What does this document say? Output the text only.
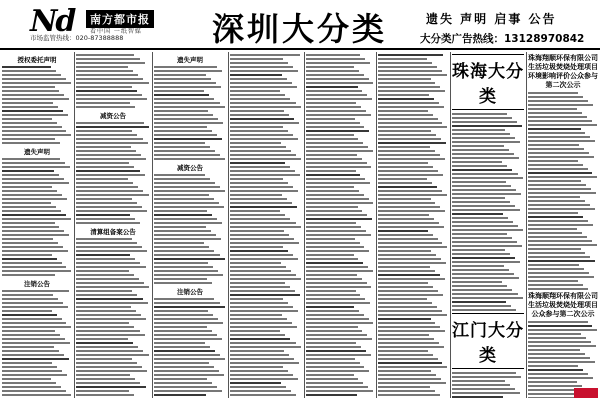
Nd	南方都市报
看中国 一纸智媒
市场监管热线：020-87388888	深圳大分类	遗失 声明 启事 公告
大分类广告热线：13128970842
授权委托声明
遗失声明
注销公告
减资公告
清算组备案公告
遗失声明
减资公告
注销公告
珠海大分类
江门大分类
珠海翔顺环保有限公司生活垃圾焚烧处理项目环境影响评价公众参与第二次公示
珠海顺翔环保有限公司生活垃圾焚烧处理项目公众参与第二次公示
